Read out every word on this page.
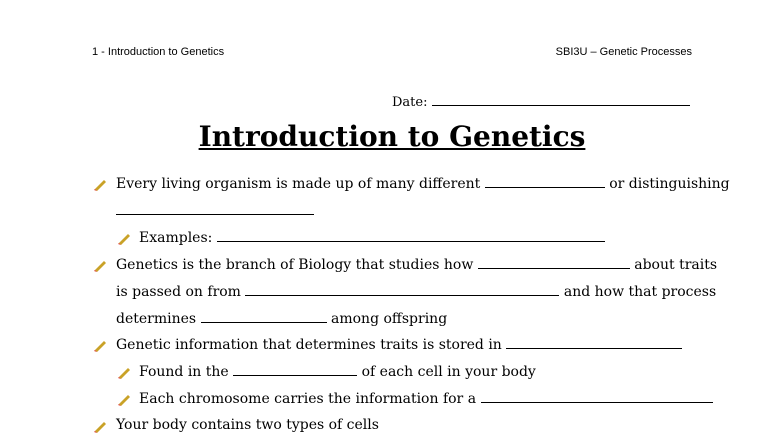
1 - Introduction to Genetics	SBI3U – Genetic Processes
Date:
Introduction to Genetics
Every living organism is made up of many different	or distinguishing
Examples:
Genetics is the branch of Biology that studies how	about traits
is passed on from	and how that process
determines	among offspring
Genetic information that determines traits is stored in
Found in the	of each cell in your body
Each chromosome carries the information for a
Your body contains two types of cells
